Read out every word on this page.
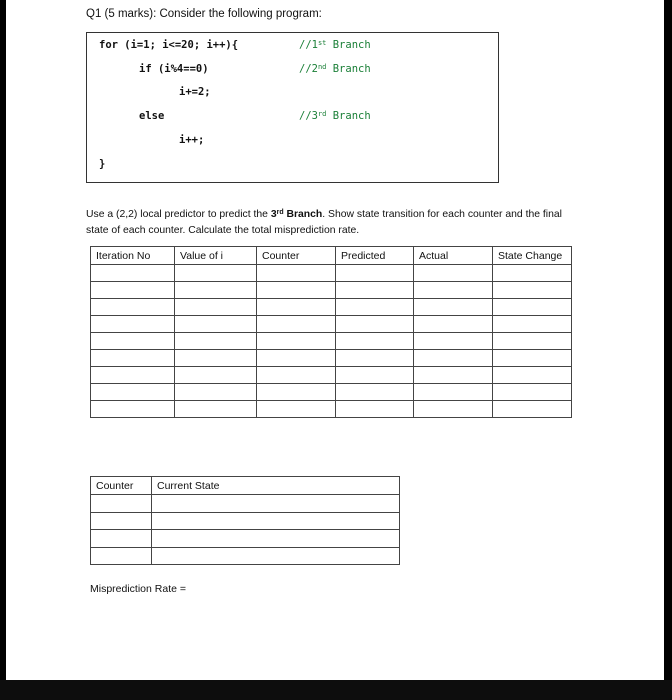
Q1 (5 marks): Consider the following program:
for (i=1; i<=20; i++){
if (i%4==0)
i+=2;
else
i++;
}
//1st Branch
//2nd Branch
//3rd Branch
Use a (2,2) local predictor to predict the 3rd Branch. Show state transition for each counter and the final state of each counter. Calculate the total misprediction rate.
Iteration No	Value of i	Counter	Predicted	Actual	State Change

Counter	Current State

Misprediction Rate =
